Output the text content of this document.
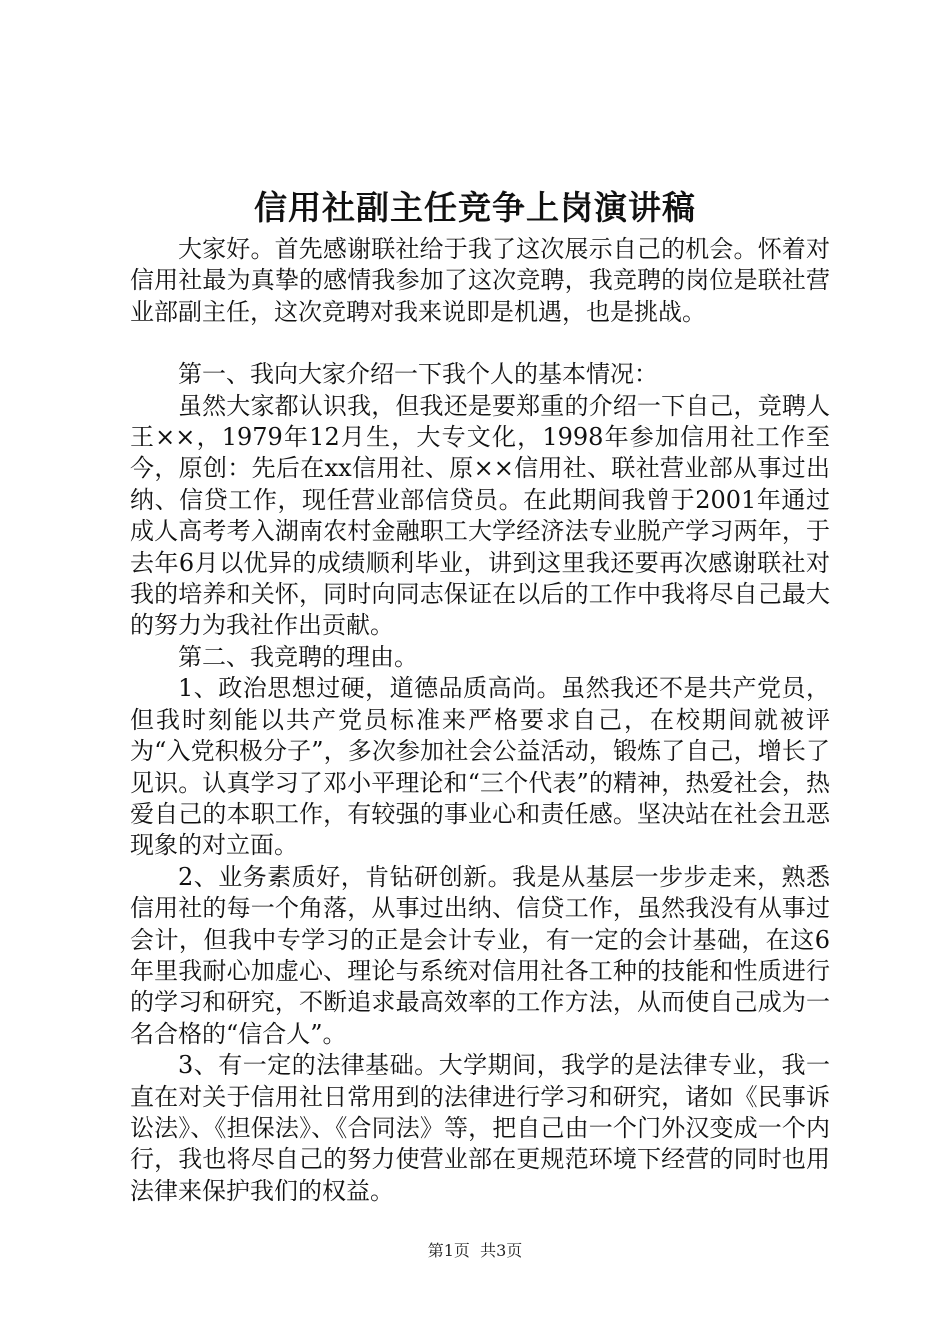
信用社副主任竞争上岗演讲稿

大家好。首先感谢联社给于我了这次展示自己的机会。怀着对信用社最为真挚的感情我参加了这次竞聘，我竞聘的岗位是联社营业部副主任，这次竞聘对我来说即是机遇，也是挑战。

第一、我向大家介绍一下我个人的基本情况：

虽然大家都认识我，但我还是要郑重的介绍一下自己，竞聘人王××，1979年12月生，大专文化，1998年参加信用社工作至今，原创：先后在xx信用社、原××信用社、联社营业部从事过出纳、信贷工作，现任营业部信贷员。在此期间我曾于2001年通过成人高考考入湖南农村金融职工大学经济法专业脱产学习两年，于去年6月以优异的成绩顺利毕业，讲到这里我还要再次感谢联社对我的培养和关怀，同时向同志保证在以后的工作中我将尽自己最大的努力为我社作出贡献。

第二、我竞聘的理由。

1、政治思想过硬，道德品质高尚。虽然我还不是共产党员，但我时刻能以共产党员标准来严格要求自己，在校期间就被评为“入党积极分子”，多次参加社会公益活动，锻炼了自己，增长了见识。认真学习了邓小平理论和“三个代表”的精神，热爱社会，热爱自己的本职工作，有较强的事业心和责任感。坚决站在社会丑恶现象的对立面。

2、业务素质好，肯钻研创新。我是从基层一步步走来，熟悉信用社的每一个角落，从事过出纳、信贷工作，虽然我没有从事过会计，但我中专学习的正是会计专业，有一定的会计基础，在这6年里我耐心加虚心、理论与系统对信用社各工种的技能和性质进行的学习和研究，不断追求最高效率的工作方法，从而使自己成为一名合格的“信合人”。

3、有一定的法律基础。大学期间，我学的是法律专业，我一直在对关于信用社日常用到的法律进行学习和研究，诸如《民事诉讼法》、《担保法》、《合同法》等，把自己由一个门外汉变成一个内行，我也将尽自己的努力使营业部在更规范环境下经营的同时也用法律来保护我们的权益。

第1页 共3页
